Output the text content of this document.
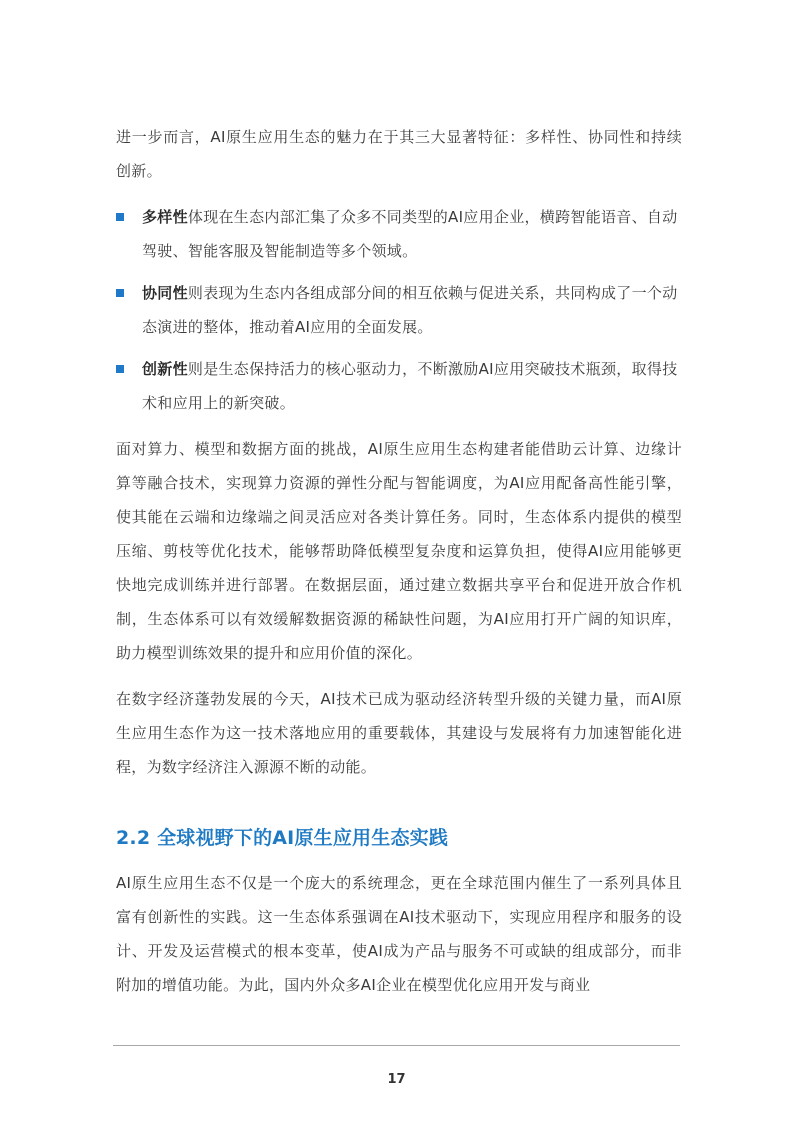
进一步而言，AI原生应用生态的魅力在于其三大显著特征：多样性、协同性和持续创新。

多样性体现在生态内部汇集了众多不同类型的AI应用企业，横跨智能语音、自动驾驶、智能客服及智能制造等多个领域。
协同性则表现为生态内各组成部分间的相互依赖与促进关系，共同构成了一个动态演进的整体，推动着AI应用的全面发展。
创新性则是生态保持活力的核心驱动力，不断激励AI应用突破技术瓶颈，取得技术和应用上的新突破。

面对算力、模型和数据方面的挑战，AI原生应用生态构建者能借助云计算、边缘计算等融合技术，实现算力资源的弹性分配与智能调度，为AI应用配备高性能引擎，使其能在云端和边缘端之间灵活应对各类计算任务。同时，生态体系内提供的模型压缩、剪枝等优化技术，能够帮助降低模型复杂度和运算负担，使得AI应用能够更快地完成训练并进行部署。在数据层面，通过建立数据共享平台和促进开放合作机制，生态体系可以有效缓解数据资源的稀缺性问题，为AI应用打开广阔的知识库，助力模型训练效果的提升和应用价值的深化。

在数字经济蓬勃发展的今天，AI技术已成为驱动经济转型升级的关键力量，而AI原生应用生态作为这一技术落地应用的重要载体，其建设与发展将有力加速智能化进程，为数字经济注入源源不断的动能。

2.2 全球视野下的AI原生应用生态实践

AI原生应用生态不仅是一个庞大的系统理念，更在全球范围内催生了一系列具体且富有创新性的实践。这一生态体系强调在AI技术驱动下，实现应用程序和服务的设计、开发及运营模式的根本变革，使AI成为产品与服务不可或缺的组成部分，而非附加的增值功能。为此，国内外众多AI企业在模型优化应用开发与商业

17
